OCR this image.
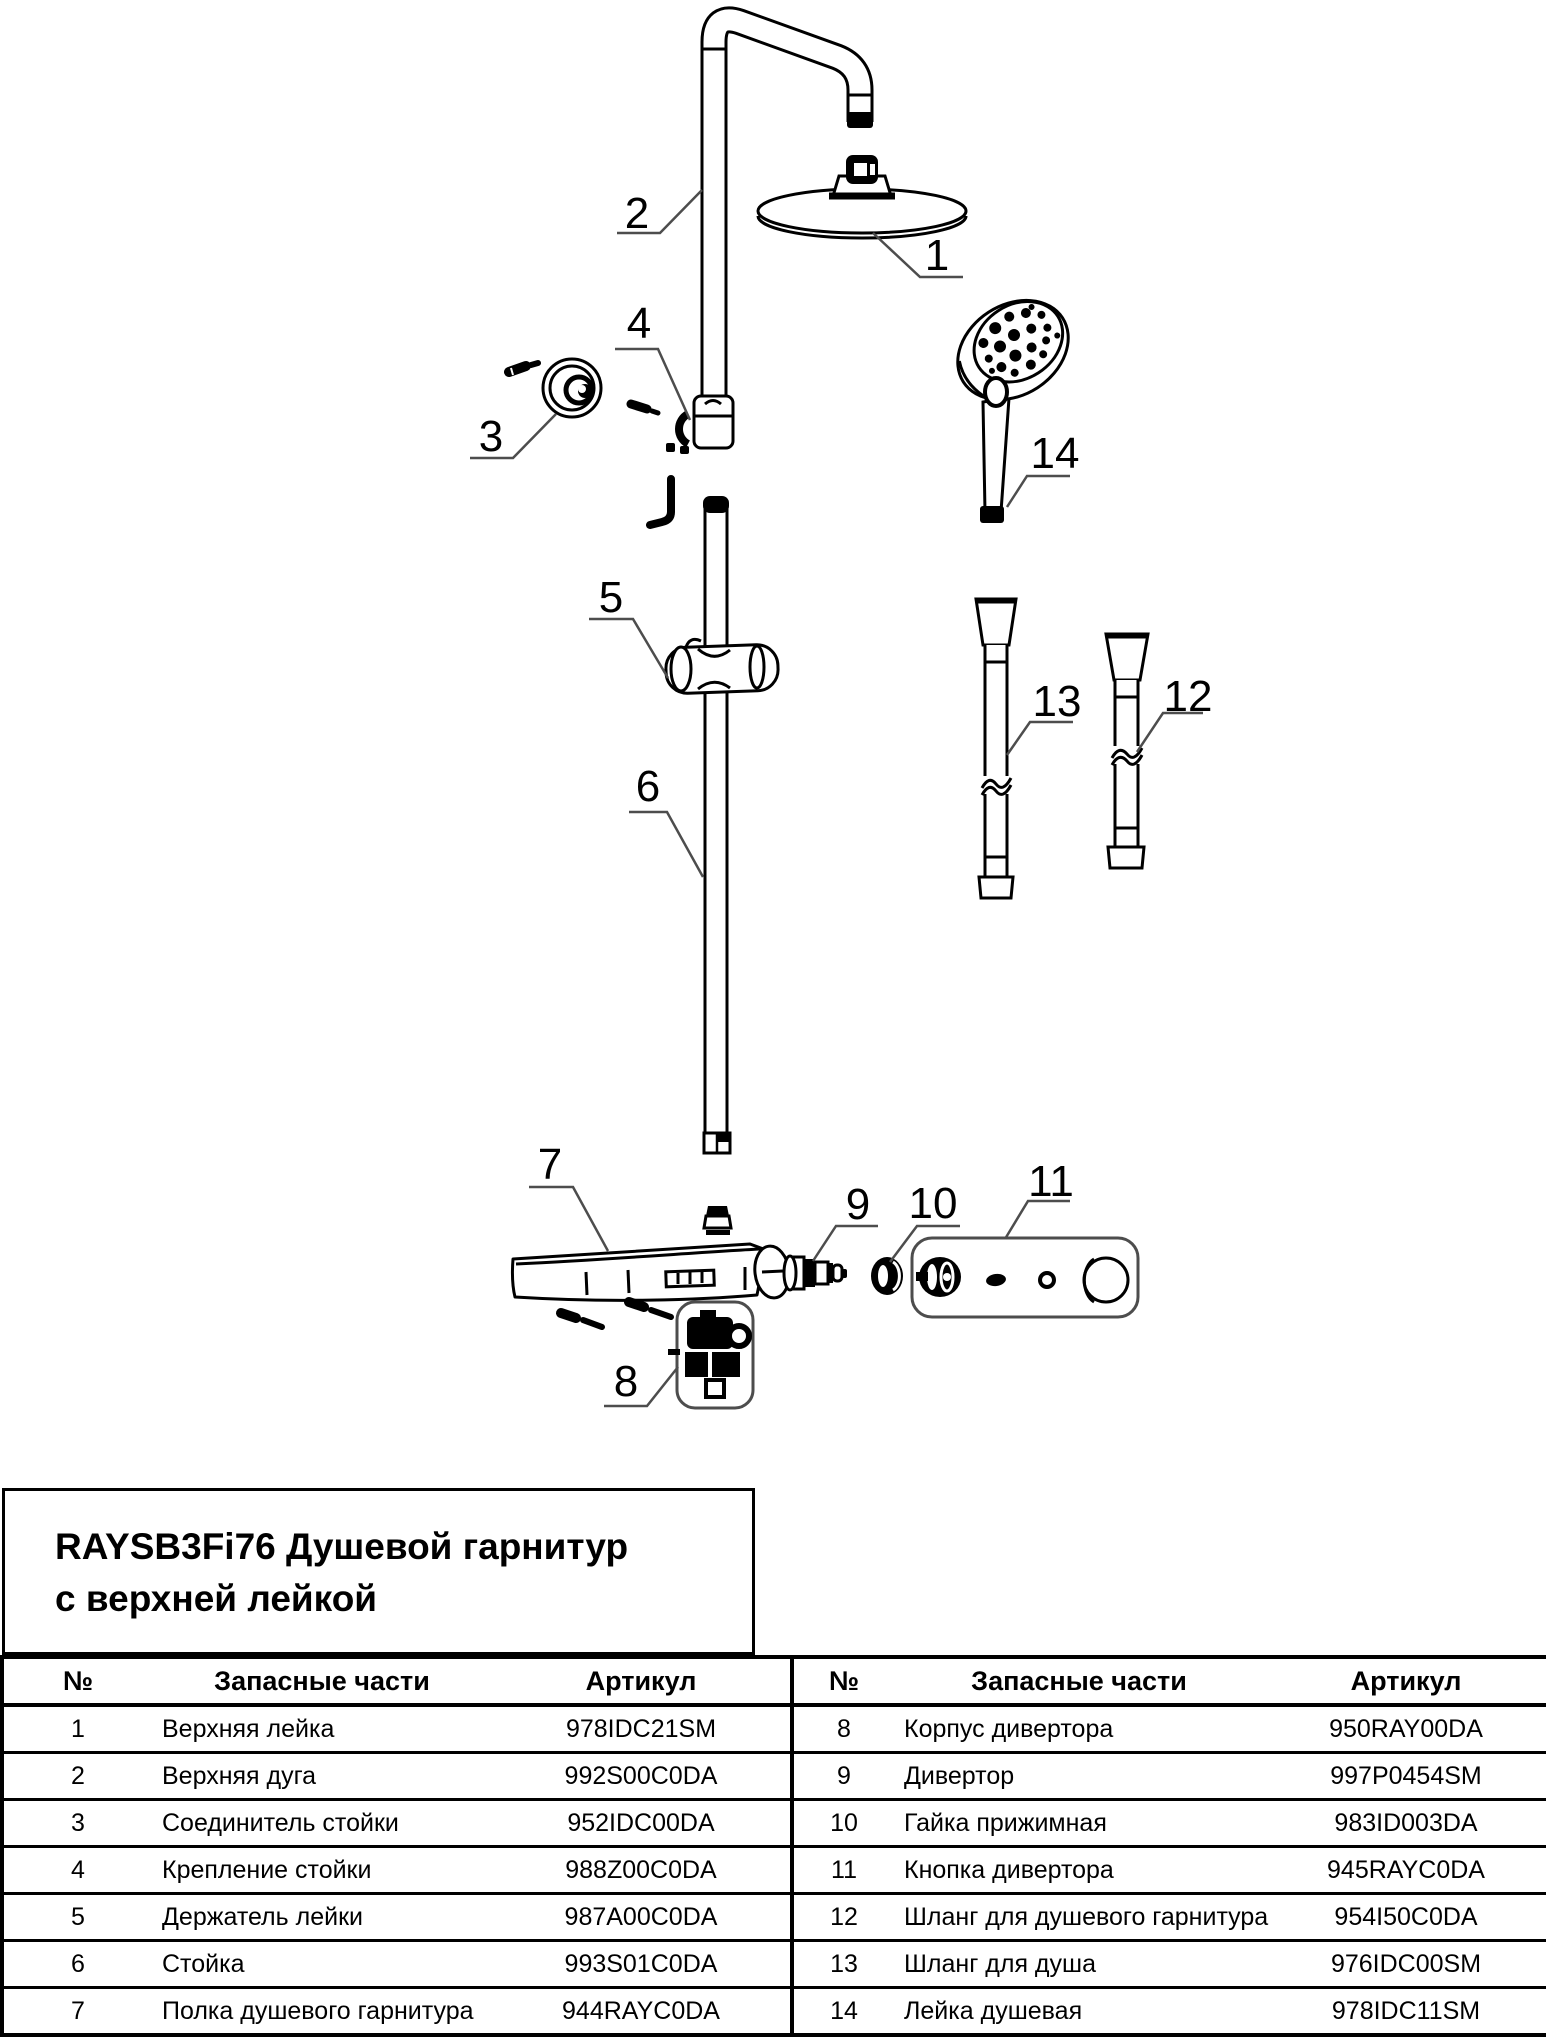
1
2
3
4
5
6
7
8
9 10 11
12
13
14
RAYSB3Fi76 Душевой гарнитур
с верхней лейкой
№	Запасные части	Артикул
1	Верхняя лейка	978IDC21SM
2	Верхняя дуга	992S00C0DA
3	Соединитель стойки	952IDC00DA
4	Крепление стойки	988Z00C0DA
5	Держатель лейки	987A00C0DA
6	Стойка	993S01C0DA
7	Полка душевого гарнитура	944RAYC0DA
№	Запасные части	Артикул
8	Корпус дивертора	950RAY00DA
9	Дивертор	997P0454SM
10	Гайка прижимная	983ID003DA
11	Кнопка дивертора	945RAYC0DA
12	Шланг для душевого гарнитура	954I50C0DA
13	Шланг для душа	976IDC00SM
14	Лейка душевая	978IDC11SM
